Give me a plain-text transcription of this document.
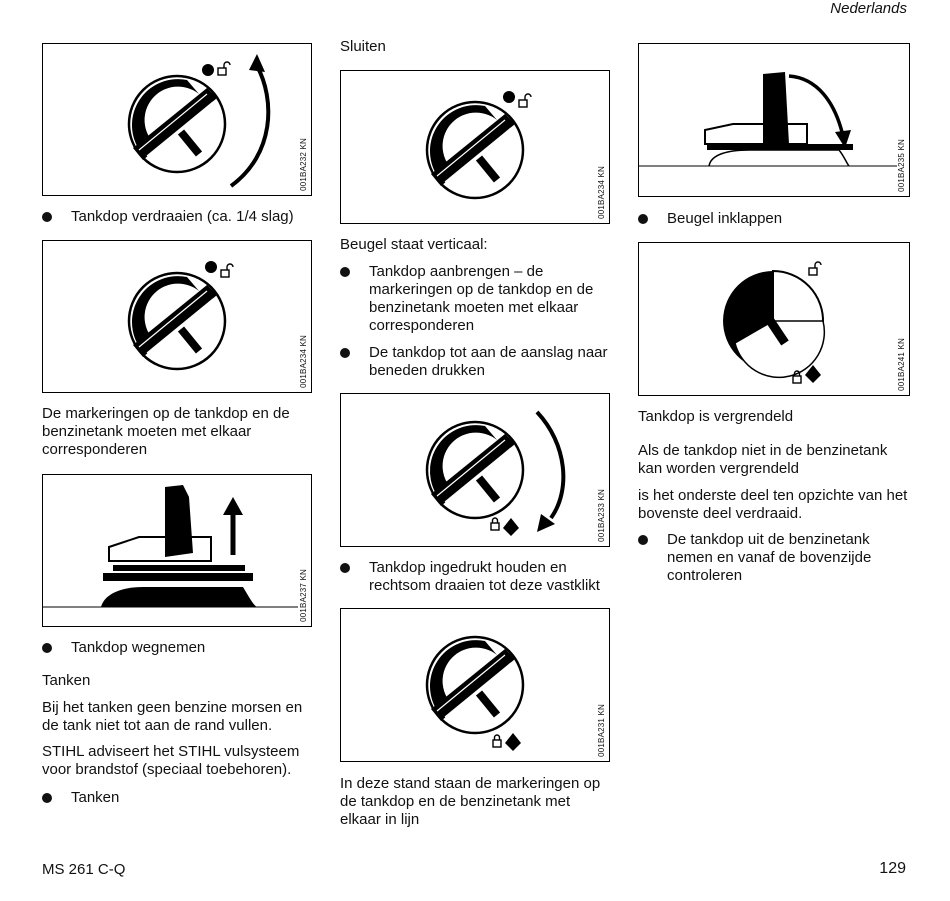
Nederlands
001BA232 KN
Tankdop verdraaien (ca. 1/4 slag)
001BA234 KN

De markeringen op de tankdop en de benzinetank moeten met elkaar corresponderen

001BA237 KN
Tankdop wegnemen
Tanken

Bij het tanken geen benzine morsen en de tank niet tot aan de rand vullen.

STIHL adviseert het STIHL vulsysteem voor brandstof (speciaal toebehoren).

Tanken
Sluiten
001BA234 KN

Beugel staat verticaal:

Tankdop aanbrengen – de markeringen op de tankdop en de benzinetank moeten met elkaar corresponderen
De tankdop tot aan de aanslag naar beneden drukken
001BA233 KN
Tankdop ingedrukt houden en rechtsom draaien tot deze vastklikt
001BA231 KN

In deze stand staan de markeringen op de tankdop en de benzinetank met elkaar in lijn

001BA235 KN
Beugel inklappen
001BA241 KN

Tankdop is vergrendeld

Als de tankdop niet in de benzinetank kan worden vergrendeld

is het onderste deel ten opzichte van het bovenste deel verdraaid.

De tankdop uit de benzinetank nemen en vanaf de bovenzijde controleren
MS 261 C-Q	129
